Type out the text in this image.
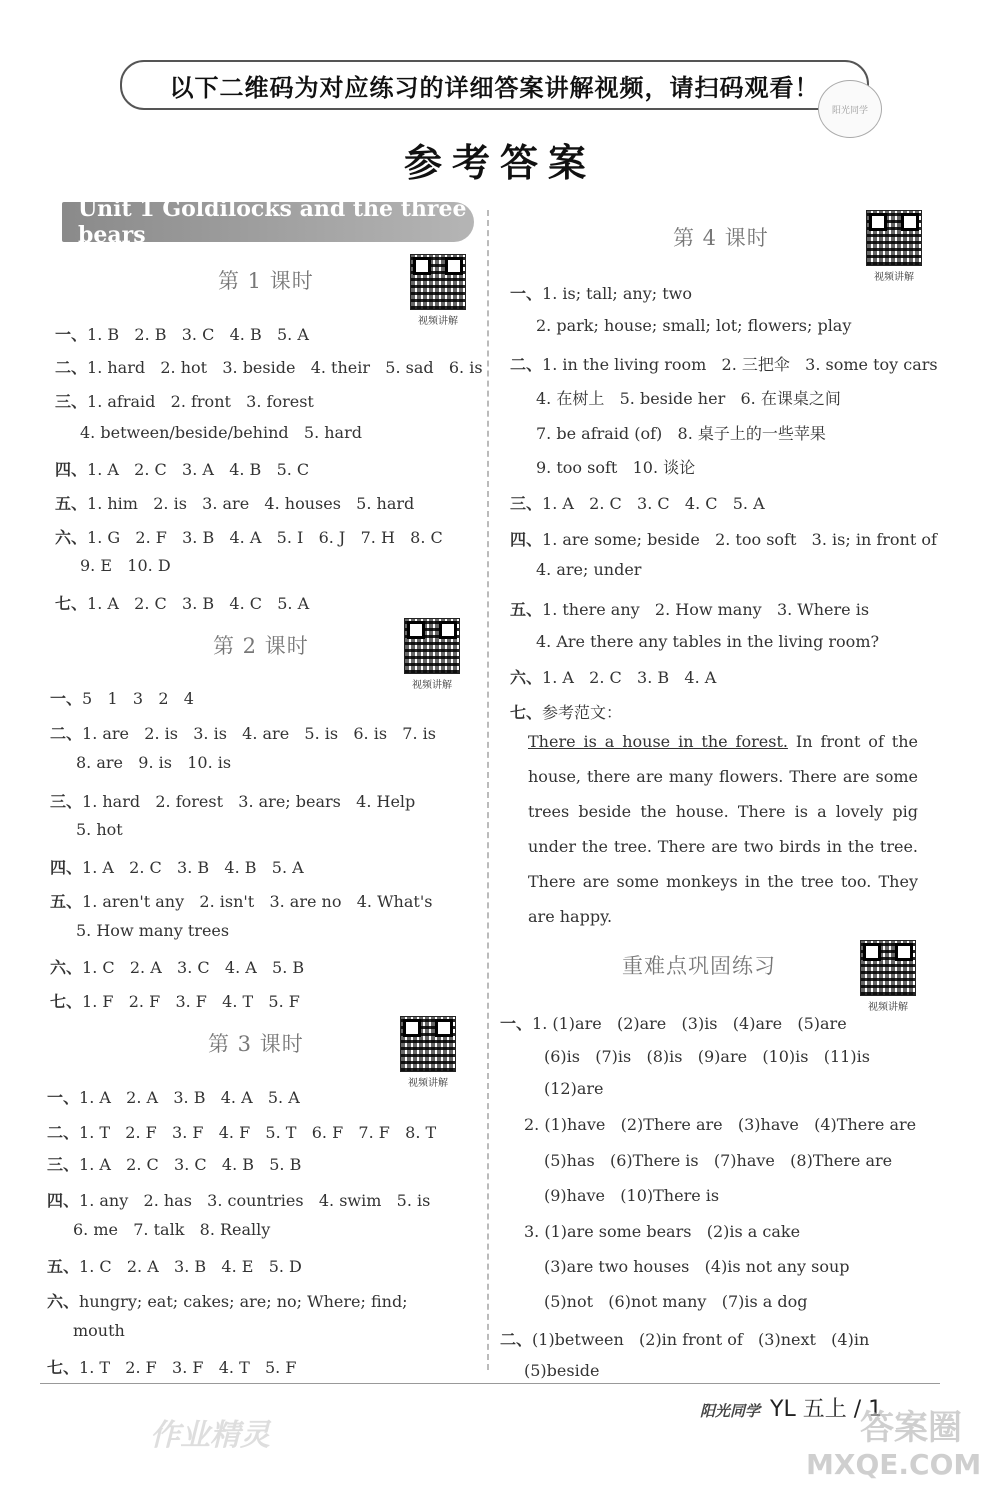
以下二维码为对应练习的详细答案讲解视频，请扫码观看！
阳光同学
参考答案
Unit 1 Goldilocks and the three bears
第 1 课时
视频讲解
一、1. B   2. B   3. C   4. B   5. A
二、1. hard   2. hot   3. beside   4. their   5. sad   6. is
三、1. afraid   2. front   3. forest
4. between/beside/behind   5. hard
四、1. A   2. C   3. A   4. B   5. C
五、1. him   2. is   3. are   4. houses   5. hard
六、1. G   2. F   3. B   4. A   5. I   6. J   7. H   8. C
9. E   10. D
七、1. A   2. C   3. B   4. C   5. A
第 2 课时
视频讲解
一、5   1   3   2   4
二、1. are   2. is   3. is   4. are   5. is   6. is   7. is
8. are   9. is   10. is
三、1. hard   2. forest   3. are; bears   4. Help
5. hot
四、1. A   2. C   3. B   4. B   5. A
五、1. aren't any   2. isn't   3. are no   4. What's
5. How many trees
六、1. C   2. A   3. C   4. A   5. B
七、1. F   2. F   3. F   4. T   5. F
第 3 课时
视频讲解
一、1. A   2. A   3. B   4. A   5. A
二、1. T   2. F   3. F   4. F   5. T   6. F   7. F   8. T
三、1. A   2. C   3. C   4. B   5. B
四、1. any   2. has   3. countries   4. swim   5. is
6. me   7. talk   8. Really
五、1. C   2. A   3. B   4. E   5. D
六、hungry; eat; cakes; are; no; Where; find;
mouth
七、1. T   2. F   3. F   4. T   5. F
第 4 课时
视频讲解
一、1. is; tall; any; two
2. park; house; small; lot; flowers; play
二、1. in the living room   2. 三把伞   3. some toy cars
4. 在树上   5. beside her   6. 在课桌之间
7. be afraid (of)   8. 桌子上的一些苹果
9. too soft   10. 谈论
三、1. A   2. C   3. C   4. C   5. A
四、1. are some; beside   2. too soft   3. is; in front of
4. are; under
五、1. there any   2. How many   3. Where is
4. Are there any tables in the living room?
六、1. A   2. C   3. B   4. A
七、参考范文：
There is a house in the forest. In front of the house, there are many flowers. There are some trees beside the house. There is a lovely pig under the tree. There are two birds in the tree. There are some monkeys in the tree too. They are happy.
重难点巩固练习
视频讲解
一、1. (1)are   (2)are   (3)is   (4)are   (5)are
(6)is   (7)is   (8)is   (9)are   (10)is   (11)is
(12)are
2. (1)have   (2)There are   (3)have   (4)There are
(5)has   (6)There is   (7)have   (8)There are
(9)have   (10)There is
3. (1)are some bears   (2)is a cake
(3)are two houses   (4)is not any soup
(5)not   (6)not many   (7)is a dog
二、(1)between   (2)in front of   (3)next   (4)in
(5)beside
阳光同学 YL 五上 / 1
作业精灵	答案圈
MXQE.COM
